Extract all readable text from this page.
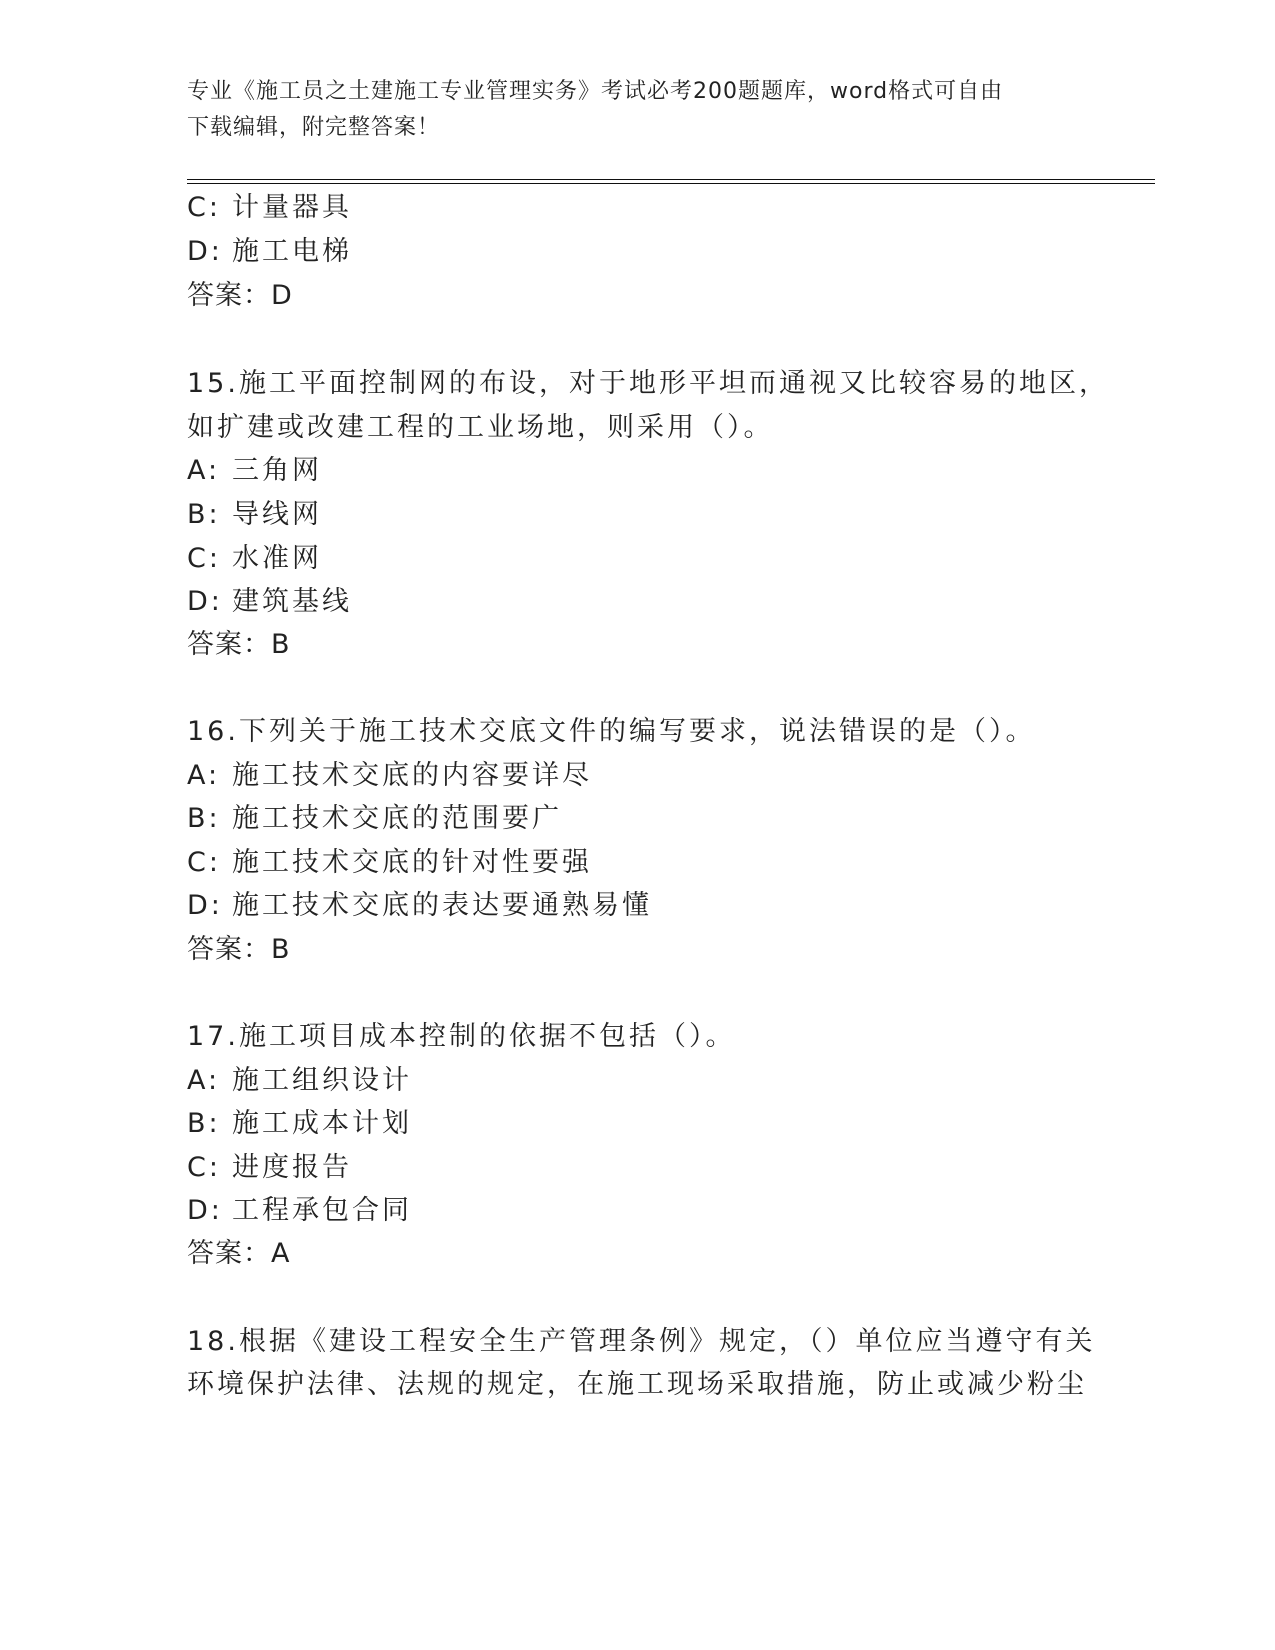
专业《施工员之土建施工专业管理实务》考试必考200题题库，word格式可自由
下载编辑，附完整答案！
C: 计量器具
D: 施工电梯
答案：D
15.施工平面控制网的布设，对于地形平坦而通视又比较容易的地区，
如扩建或改建工程的工业场地，则采用（）。
A: 三角网
B: 导线网
C: 水准网
D: 建筑基线
答案：B
16.下列关于施工技术交底文件的编写要求，说法错误的是（）。
A: 施工技术交底的内容要详尽
B: 施工技术交底的范围要广
C: 施工技术交底的针对性要强
D: 施工技术交底的表达要通熟易懂
答案：B
17.施工项目成本控制的依据不包括（）。
A: 施工组织设计
B: 施工成本计划
C: 进度报告
D: 工程承包合同
答案：A
18.根据《建设工程安全生产管理条例》规定，（）单位应当遵守有关
环境保护法律、法规的规定，在施工现场采取措施，防止或减少粉尘
